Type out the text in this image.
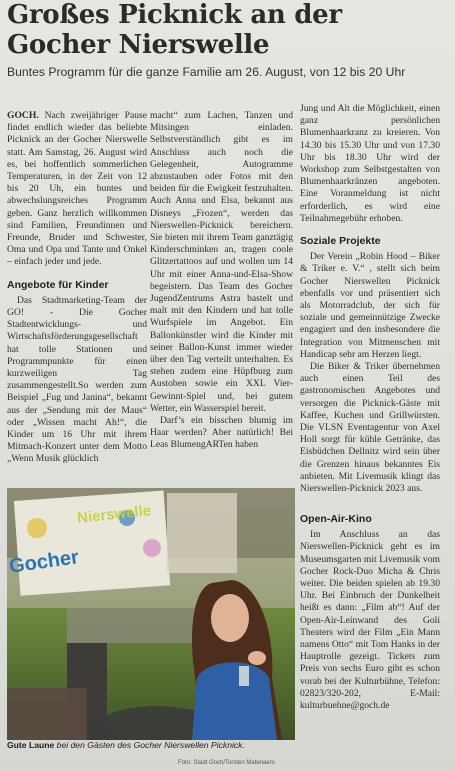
Großes Picknick an der
Gocher Nierswelle
Buntes Programm für die ganze Familie am 26. August, von 12 bis 20 Uhr

GOCH. Nach zweijähriger Pause findet endlich wieder das beliebte Picknick an der Gocher Nierswelle statt. Am Samstag, 26. August wird es, bei hoffentlich sommerlichen Temperaturen, in der Zeit von 12 bis 20 Uh, ein buntes und abwechslungsreiches Programm geben. Ganz herzlich willkommen sind Familien, Freundinnen und Freunde, Bruder und Schwester, Oma und Opa und Tante und Onkel – einfach jeder und jede.

Angebote für Kinder

Das Stadtmarketing-Team der GO! - Die Gocher Stadtentwicklungs- und Wirtschaftsförderungsgesellschaft hat tolle Stationen und Programmpunkte für einen kurzweiligen Tag zusammengestellt.So werden zum Beispiel „Fug und Janina“, bekannt aus der „Sendung mit der Maus“ oder „Wissen macht Ah!“, die Kinder um 16 Uhr mit ihrem Mitmach-Konzert unter dem Motto „Wenn Musik glücklich

macht“ zum Lachen, Tanzen und Mitsingen einladen. Selbstverständlich gibt es im Anschluss auch noch die Gelegenheit, Autogramme abzustauben oder Fotos mit den beiden für die Ewigkeit festzuhalten. Auch Anna und Elsa, bekannt aus Disneys „Frozen“, werden das Nierswellen-Picknick bereichern. Sie bieten mit ihrem Team ganztägig Kinderschminken an, tragen coole Glitzertattoos auf und wollen um 14 Uhr mit einer Anna-und-Elsa-Show begeistern. Das Team des Gocher JugendZentrums Astra bastelt und malt mit den Kindern und hat tolle Wurfspiele im Angebot. Ein Ballonkünstler wird die Kinder mit seiner Ballon-Kunst immer wieder über den Tag verteilt unterhalten. Es stehen zudem eine Hüpfburg zum Austoben sowie ein XXL Vier-Gewinnt-Spiel und, bei gutem Wetter, ein Wasserspiel bereit.

Darf’s ein bisschen blumig im Haar werden? Aber natürlich! Bei Leas BlumengARTen haben

Jung und Alt die Möglichkeit, einen ganz persönlichen Blumenhaarkranz zu kreieren. Von 14.30 bis 15.30 Uhr und von 17.30 Uhr bis 18.30 Uhr wird der Workshop zum Selbstgestalten von Blumenhaarkränzen angeboten. Eine Voranmeldung ist nicht erforderlich, es wird eine Teilnahmegebühr erhoben.

Soziale Projekte

Der Verein „Robin Hood – Biker & Triker e. V.“ , stellt sich beim Gocher Nierswellen Picknick ebenfalls vor und präsentiert sich als Motorradclub, der sich für soziale und gemeinnützige Zwecke engagiert und den insbesondere die Integration von Mitmenschen mit Handicap sehr am Herzen liegt.

Die Biker & Triker übernehmen auch einen Teil des gastronomischen Angebotes und versorgen die Picknick-Gäste mit Kaffee, Kuchen und Grillwürsten. Die VLSN Eventagentur von Axel Holl sorgt für kühle Getränke, das Eisbüdchen Dellnitz wird sein über die Grenzen hinaus bekanntes Eis anbieten. Mit Livemusik klingt das Nierswellen-Picknick 2023 aus.

Open-Air-Kino

Im Anschluss an das Nierswellen-Picknick geht es im Museumsgarten mit Livemusik vom Gocher Rock-Duo Micha & Chris weiter. Die beiden spielen ab 19.30 Uhr. Bei Einbruch der Dunkelheit heißt es dann: „Film ab“! Auf der Open-Air-Leinwand des Goli Theaters wird der Film „Ein Mann namens Otto“ mit Tom Hanks in der Hauptrolle gezeigt. Tickets zum Preis von sechs Euro gibt es schon vorab bei der Kulturbühne, Telefon: 02823/320-202, E-Mail: kulturbuehne@goch.de

Gocher
Nierswelle
Gute Laune bei den Gästen des Gocher Nierswellen Picknick.
Foto: Stadt Goch/Torsten Matenaers
